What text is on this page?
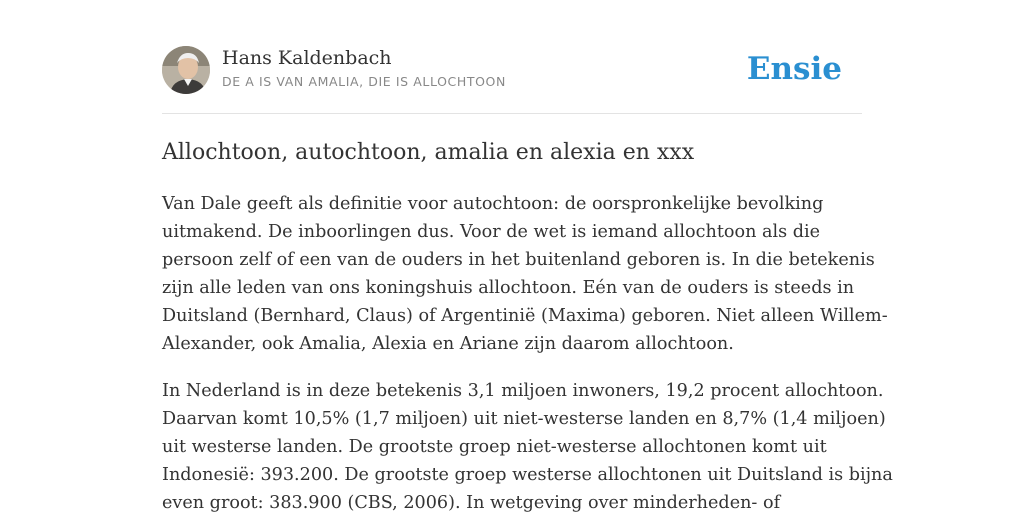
Hans Kaldenbach
DE A IS VAN AMALIA, DIE IS ALLOCHTOON	Ensie
Allochtoon, autochtoon, amalia en alexia en xxx

Van Dale geeft als definitie voor autochtoon: de oorspronkelijke bevolking
uitmakend. De inboorlingen dus. Voor de wet is iemand allochtoon als die
persoon zelf of een van de ouders in het buitenland geboren is. In die betekenis
zijn alle leden van ons koningshuis allochtoon. Eén van de ouders is steeds in
Duitsland (Bernhard, Claus) of Argentinië (Maxima) geboren. Niet alleen Willem-
Alexander, ook Amalia, Alexia en Ariane zijn daarom allochtoon.

In Nederland is in deze betekenis 3,1 miljoen inwoners, 19,2 procent allochtoon.
Daarvan komt 10,5% (1,7 miljoen) uit niet-westerse landen en 8,7% (1,4 miljoen)
uit westerse landen. De grootste groep niet-westerse allochtonen komt uit
Indonesië: 393.200. De grootste groep westerse allochtonen uit Duitsland is bijna
even groot: 383.900 (CBS, 2006). In wetgeving over minderheden- of
